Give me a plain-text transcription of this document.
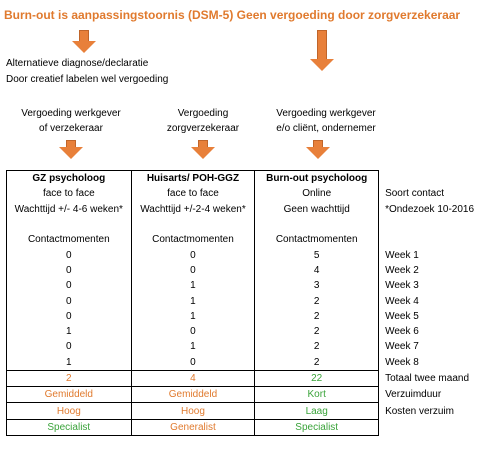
Burn-out is aanpassingstoornis (DSM-5) Geen vergoeding door zorgverzekeraar
Alternatieve diagnose/declaratie
Door creatief labelen wel vergoeding
Vergoeding werkgever
of verzekeraar
Vergoeding
zorgverzekeraar
Vergoeding werkgever
e/o cliënt, ondernemer
GZ psycholoog	Huisarts/ POH-GGZ	Burn-out psycholoog	
face to face	face to face	Online	Soort contact
Wachttijd +/- 4-6 weken*	Wachttijd +/-2-4 weken*	Geen wachttijd	*Ondezoek 10-2016

Contactmomenten	Contactmomenten	Contactmomenten	
0	0	5	Week 1
0	0	4	Week 2
0	1	3	Week 3
0	1	2	Week 4
0	1	2	Week 5
1	0	2	Week 6
0	1	2	Week 7
1	0	2	Week 8
2	4	22	Totaal twee maand
Gemiddeld	Gemiddeld	Kort	Verzuimduur
Hoog	Hoog	Laag	Kosten verzuim
Specialist	Generalist	Specialist	
